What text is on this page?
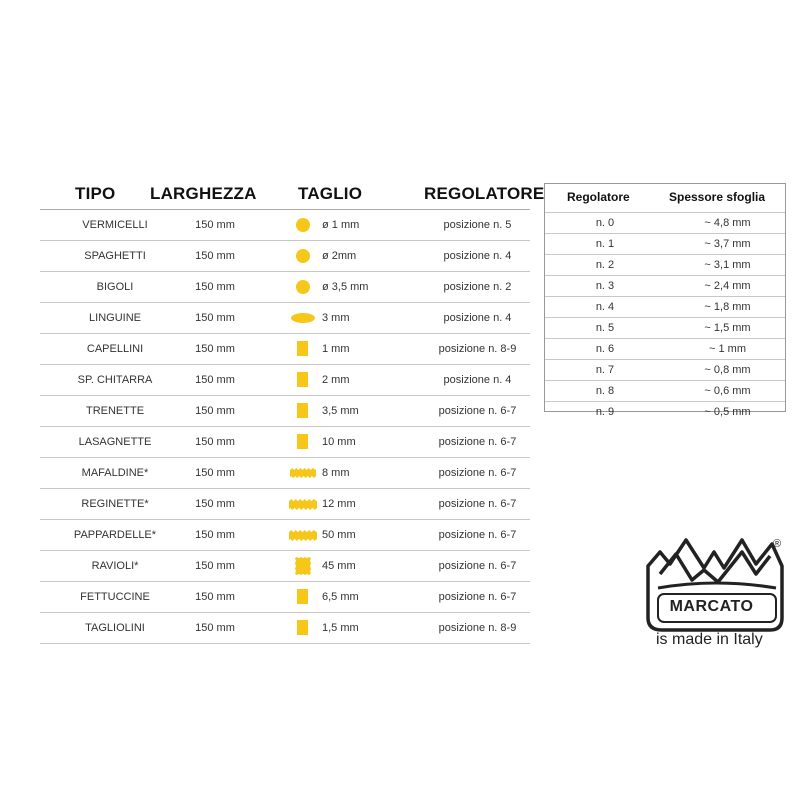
TIPO LARGHEZZA TAGLIO	REGOLATORE
VERMICELLI	150 mm	ø 1 mm	posizione n. 5
SPAGHETTI	150 mm	ø 2mm	posizione n. 4
BIGOLI	150 mm	ø 3,5 mm	posizione n. 2
LINGUINE	150 mm	3 mm	posizione n. 4
CAPELLINI	150 mm	1 mm	posizione n. 8-9
SP. CHITARRA	150 mm	2 mm	posizione n. 4
TRENETTE	150 mm	3,5 mm	posizione n. 6-7
LASAGNETTE	150 mm	10 mm	posizione n. 6-7
MAFALDINE*	150 mm	8 mm	posizione n. 6-7
REGINETTE*	150 mm	12 mm	posizione n. 6-7
PAPPARDELLE*	150 mm	50 mm	posizione n. 6-7
RAVIOLI*	150 mm	45 mm	posizione n. 6-7
FETTUCCINE	150 mm	6,5 mm	posizione n. 6-7
TAGLIOLINI	150 mm	1,5 mm	posizione n. 8-9
Regolatore	Spessore sfoglia
n. 0	~ 4,8 mm
n. 1	~ 3,7 mm
n. 2	~ 3,1 mm
n. 3	~ 2,4 mm
n. 4	~ 1,8 mm
n. 5	~ 1,5 mm
n. 6	~ 1 mm
n. 7	~ 0,8 mm
n. 8	~ 0,6 mm
n. 9	~ 0,5 mm
MARCATO
®
is made in Italy
